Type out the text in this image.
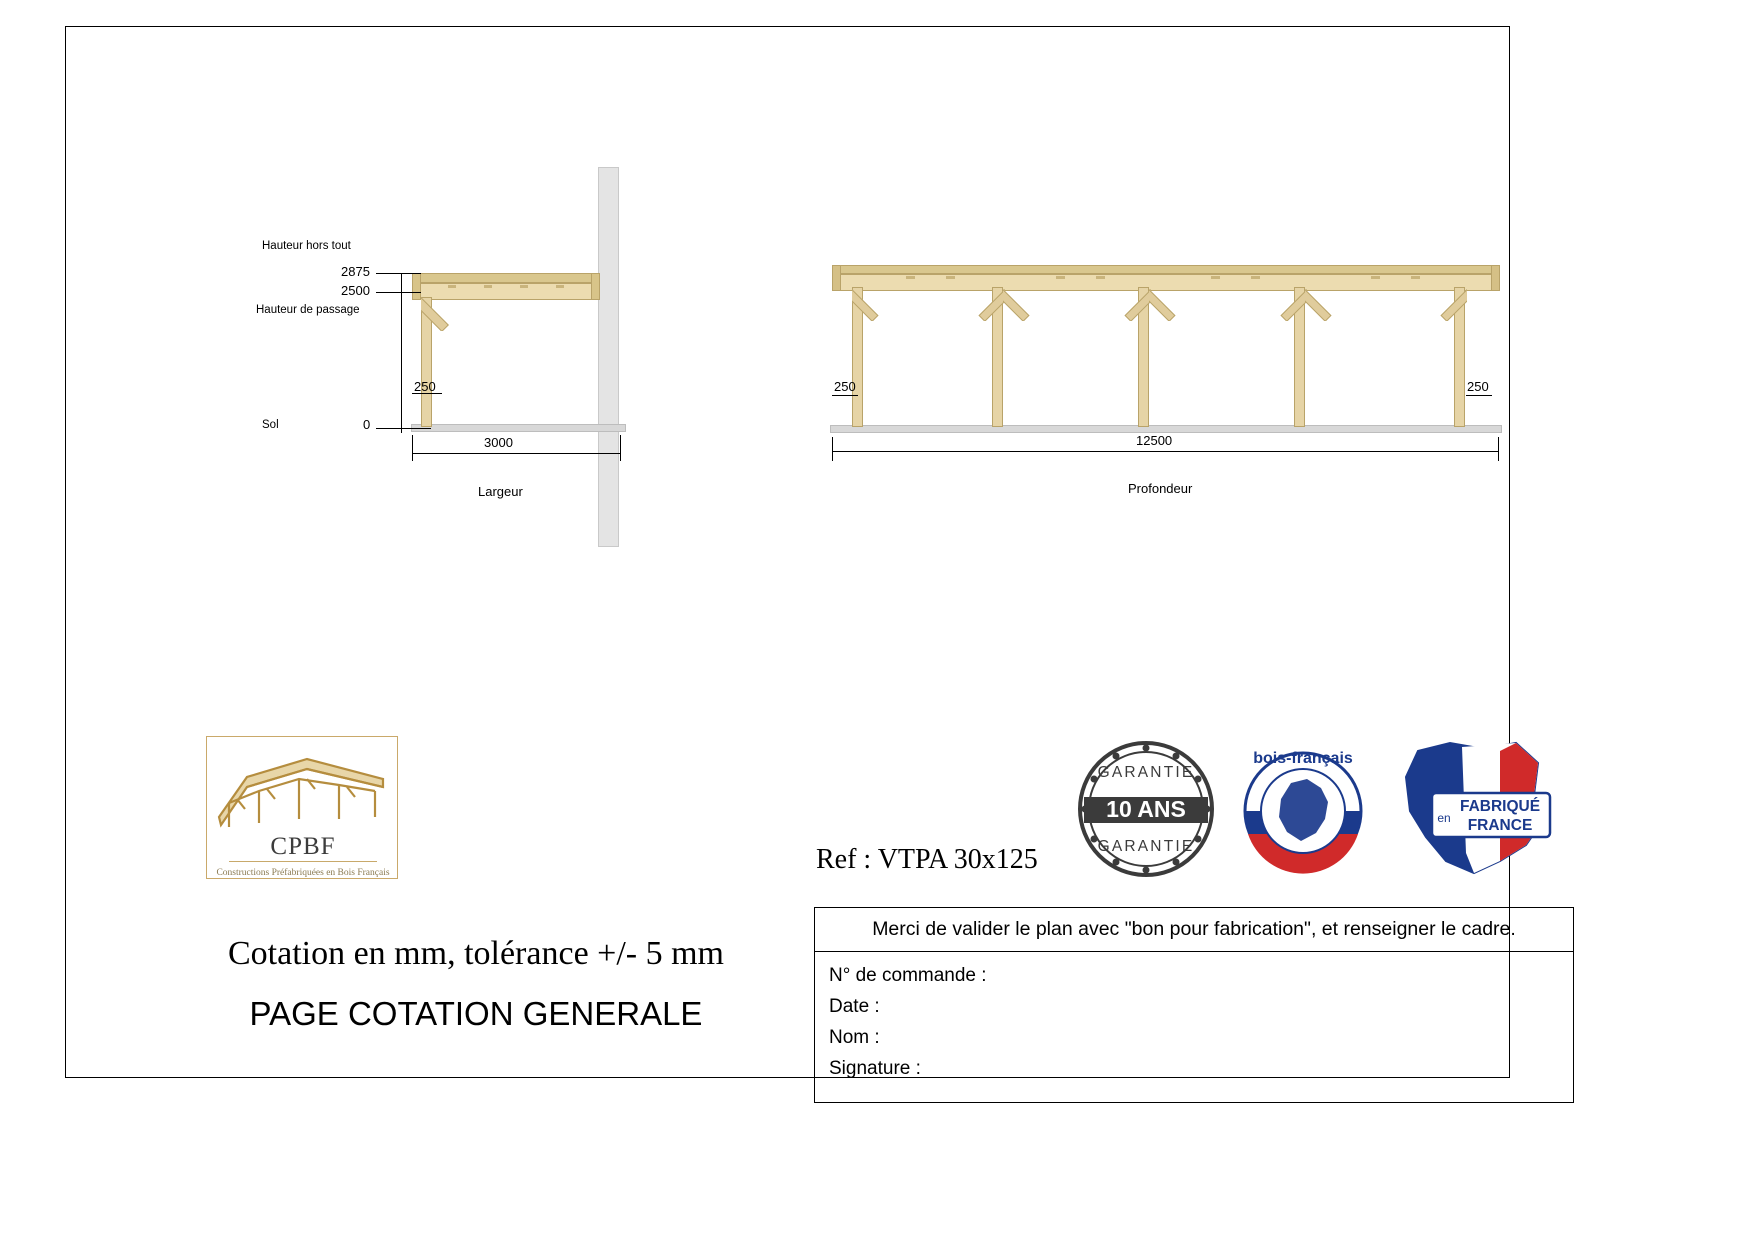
Hauteur hors tout
2875
2500
Hauteur de passage
250
Sol	0
3000
Largeur
250	250
12500
Profondeur
CPBF
Constructions Préfabriquées en Bois Français
Cotation en mm, tolérance +/- 5 mm
PAGE COTATION GENERALE
Ref : VTPA 30x125
10 ANS
GARANTIE
GARANTIE
bois-français
FABRIQUÉ
FRANCE
en
Merci de valider le plan avec "bon pour fabrication", et renseigner le cadre.
N° de commande :
Date :
Nom :
Signature :
